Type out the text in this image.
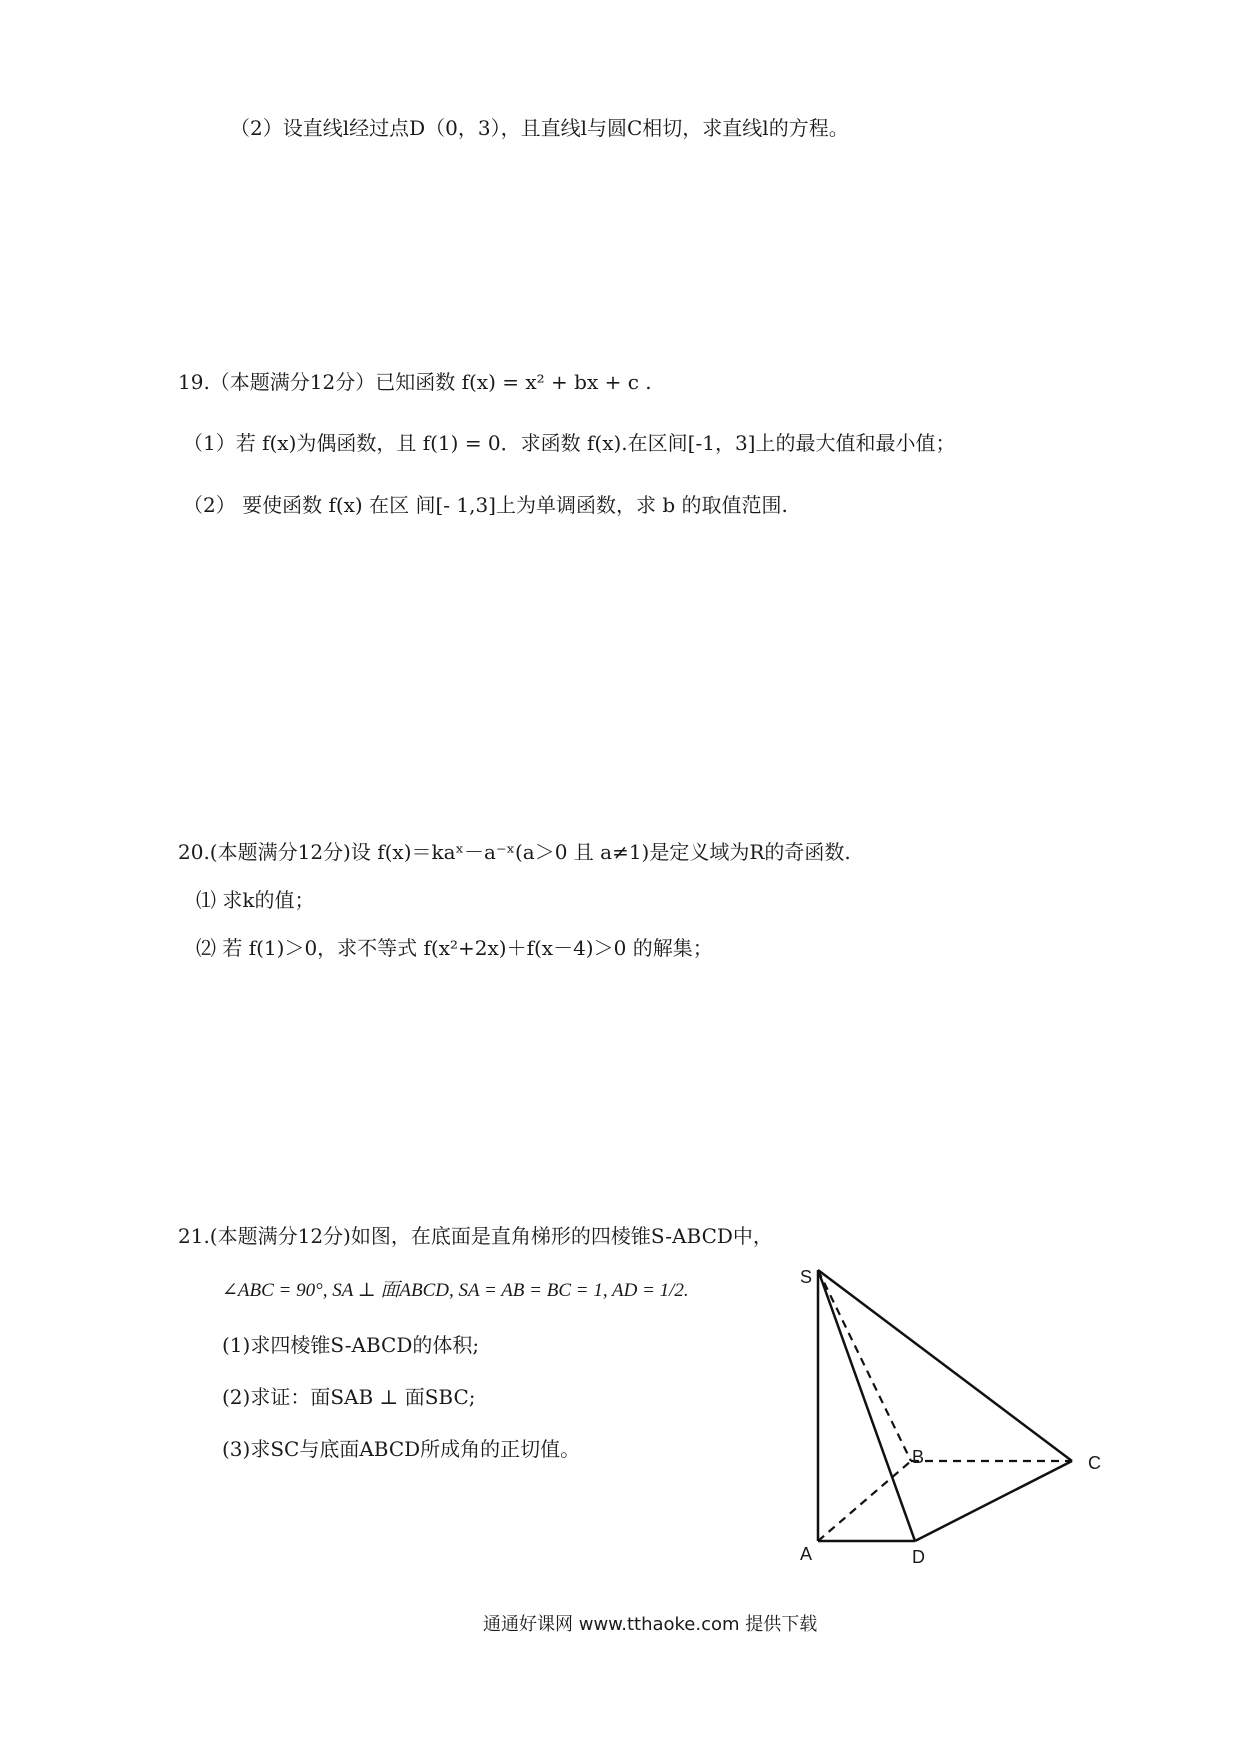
（2）设直线l经过点D（0，3），且直线l与圆C相切，求直线l的方程。
19.（本题满分12分）已知函数 f(x) = x² + bx + c .
（1）若 f(x)为偶函数，且 f(1) = 0．求函数 f(x).在区间[-1，3]上的最大值和最小值；
（2） 要使函数 f(x) 在区 间[- 1,3]上为单调函数，求 b 的取值范围.
20.(本题满分12分)设 f(x)＝kaˣ－a⁻ˣ(a＞0 且 a≠1)是定义域为R的奇函数.
⑴ 求k的值；
⑵ 若 f(1)＞0，求不等式 f(x²+2x)＋f(x－4)＞0 的解集；
21.(本题满分12分)如图，在底面是直角梯形的四棱锥S-ABCD中，
∠ABC = 90°, SA ⊥ 面ABCD, SA = AB = BC = 1, AD = 1/2.
(1)求四棱锥S-ABCD的体积;
(2)求证：面SAB ⊥ 面SBC;
(3)求SC与底面ABCD所成角的正切值。
S
A
B	C
D
通通好课网 www.tthaoke.com 提供下载
